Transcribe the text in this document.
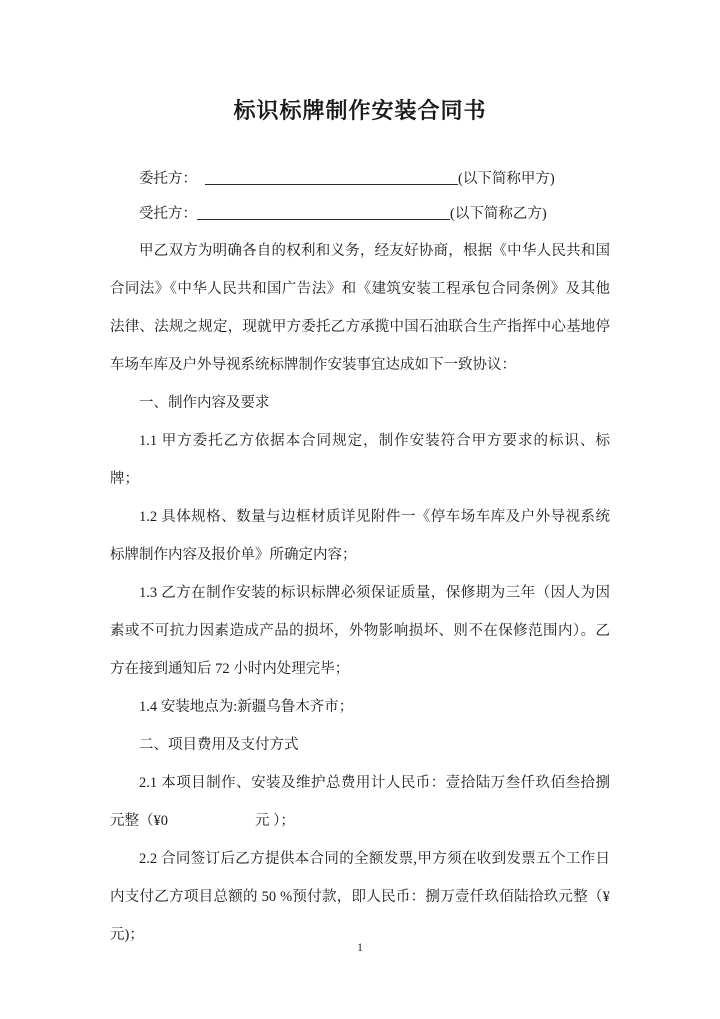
标识标牌制作安装合同书
委托方：	(以下简称甲方)
受托方：	(以下简称乙方)

甲乙双方为明确各自的权利和义务，经友好协商，根据《中华人民共和国合同法》《中华人民共和国广告法》和《建筑安装工程承包合同条例》及其他法律、法规之规定，现就甲方委托乙方承揽中国石油联合生产指挥中心基地停车场车库及户外导视系统标牌制作安装事宜达成如下一致协议：

一、制作内容及要求

1.1 甲方委托乙方依据本合同规定，制作安装符合甲方要求的标识、标牌；

1.2 具体规格、数量与边框材质详见附件一《停车场车库及户外导视系统标牌制作内容及报价单》所确定内容；

1.3 乙方在制作安装的标识标牌必须保证质量，保修期为三年（因人为因素或不可抗力因素造成产品的损坏，外物影响损坏、则不在保修范围内）。乙方在接到通知后 72 小时内处理完毕；

1.4 安装地点为:新疆乌鲁木齐市；

二、项目费用及支付方式

2.1 本项目制作、安装及维护总费用计人民币：壹拾陆万叁仟玖佰叁拾捌元整（¥0　　　　　　元 ）；

2.2 合同签订后乙方提供本合同的全额发票,甲方须在收到发票五个工作日内支付乙方项目总额的 50 %预付款，即人民币：捌万壹仟玖佰陆拾玖元整（¥ 元)；

1
